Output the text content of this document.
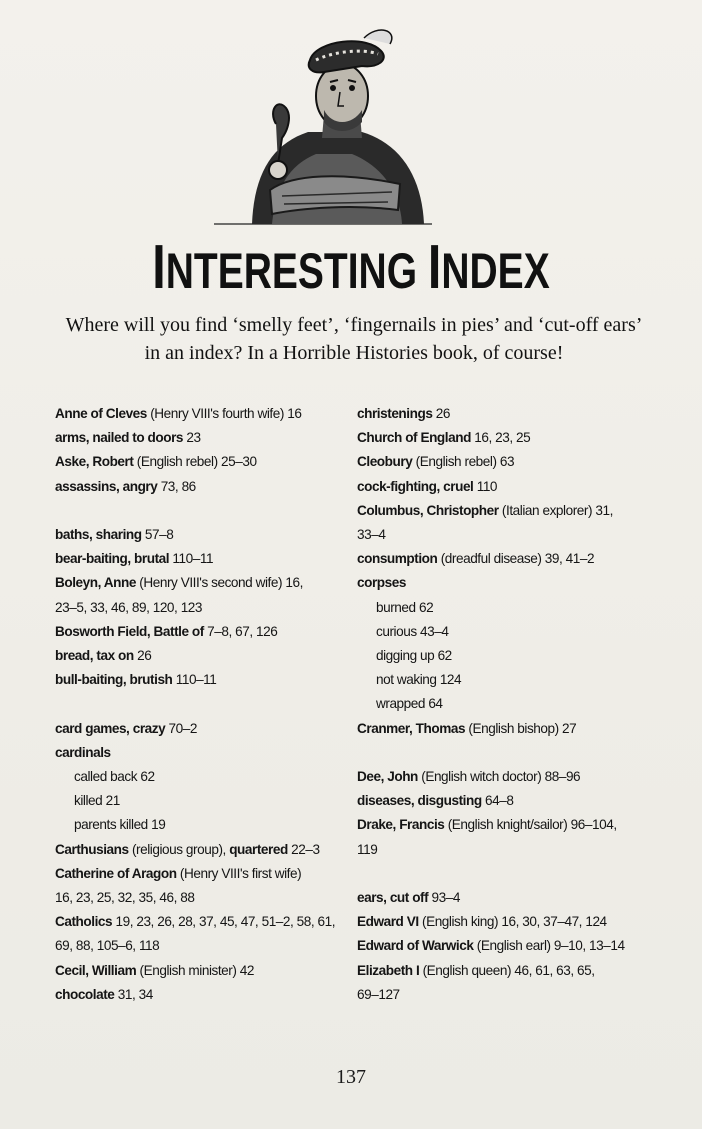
INTERESTING INDEX
Where will you find ‘smelly feet’, ‘fingernails in pies’ and ‘cut-off ears’ in an index? In a Horrible Histories book, of course!
Anne of Cleves (Henry VIII's fourth wife) 16
arms, nailed to doors 23
Aske, Robert (English rebel) 25–30
assassins, angry 73, 86
baths, sharing 57–8
bear-baiting, brutal 110–11
Boleyn, Anne (Henry VIII's second wife) 16,
23–5, 33, 46, 89, 120, 123
Bosworth Field, Battle of 7–8, 67, 126
bread, tax on 26
bull-baiting, brutish 110–11
card games, crazy 70–2
cardinals
called back 62
killed 21
parents killed 19
Carthusians (religious group), quartered 22–3
Catherine of Aragon (Henry VIII's first wife)
16, 23, 25, 32, 35, 46, 88
Catholics 19, 23, 26, 28, 37, 45, 47, 51–2, 58, 61,
69, 88, 105–6, 118
Cecil, William (English minister) 42
chocolate 31, 34
christenings 26
Church of England 16, 23, 25
Cleobury (English rebel) 63
cock-fighting, cruel 110
Columbus, Christopher (Italian explorer) 31,
33–4
consumption (dreadful disease) 39, 41–2
corpses
burned 62
curious 43–4
digging up 62
not waking 124
wrapped 64
Cranmer, Thomas (English bishop) 27
Dee, John (English witch doctor) 88–96
diseases, disgusting 64–8
Drake, Francis (English knight/sailor) 96–104,
119
ears, cut off 93–4
Edward VI (English king) 16, 30, 37–47, 124
Edward of Warwick (English earl) 9–10, 13–14
Elizabeth I (English queen) 46, 61, 63, 65,
69–127
137
